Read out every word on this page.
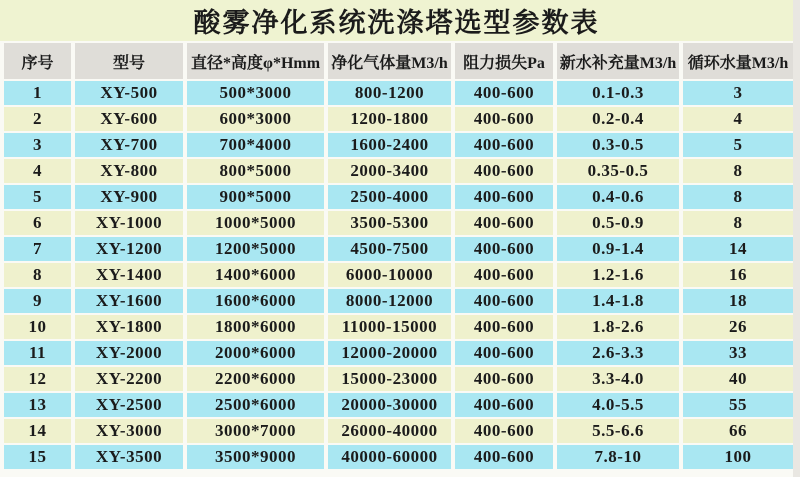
酸雾净化系统洗涤塔选型参数表
序号	型号	直径*高度φ*Hmm	净化气体量M3/h	阻力损失Pa	新水补充量M3/h	循环水量M3/h
1	XY-500	500*3000	800-1200	400-600	0.1-0.3	3
2	XY-600	600*3000	1200-1800	400-600	0.2-0.4	4
3	XY-700	700*4000	1600-2400	400-600	0.3-0.5	5
4	XY-800	800*5000	2000-3400	400-600	0.35-0.5	8
5	XY-900	900*5000	2500-4000	400-600	0.4-0.6	8
6	XY-1000	1000*5000	3500-5300	400-600	0.5-0.9	8
7	XY-1200	1200*5000	4500-7500	400-600	0.9-1.4	14
8	XY-1400	1400*6000	6000-10000	400-600	1.2-1.6	16
9	XY-1600	1600*6000	8000-12000	400-600	1.4-1.8	18
10	XY-1800	1800*6000	11000-15000	400-600	1.8-2.6	26
11	XY-2000	2000*6000	12000-20000	400-600	2.6-3.3	33
12	XY-2200	2200*6000	15000-23000	400-600	3.3-4.0	40
13	XY-2500	2500*6000	20000-30000	400-600	4.0-5.5	55
14	XY-3000	3000*7000	26000-40000	400-600	5.5-6.6	66
15	XY-3500	3500*9000	40000-60000	400-600	7.8-10	100
